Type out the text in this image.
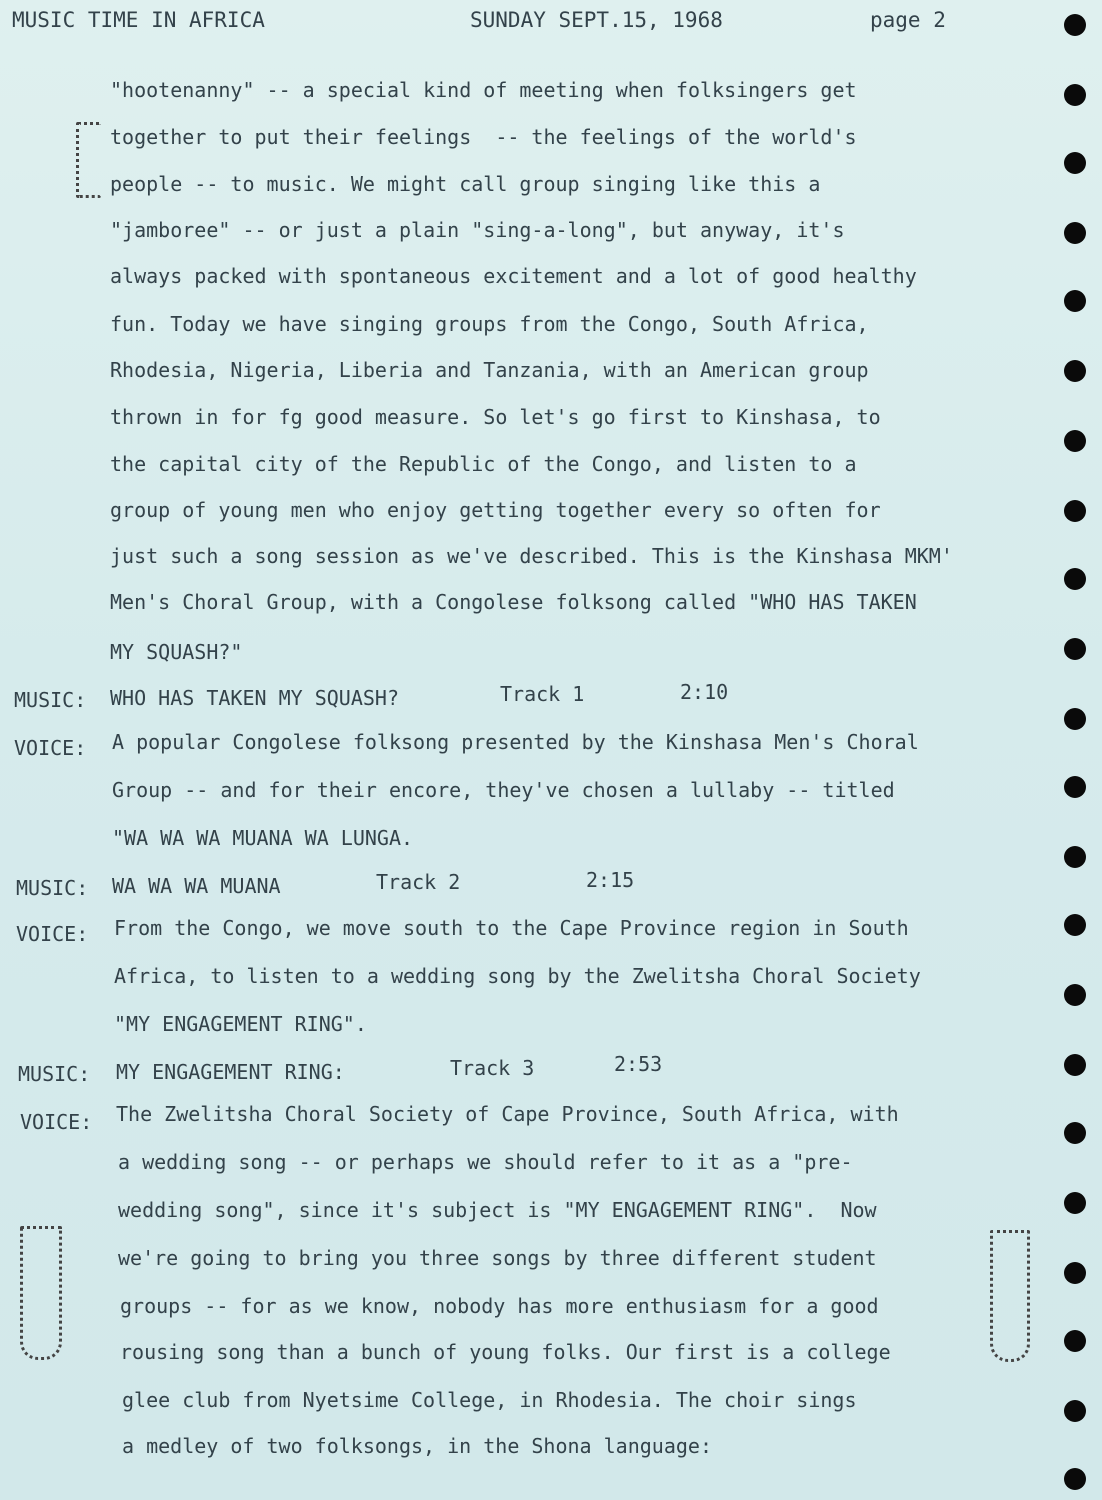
MUSIC TIME IN AFRICA	SUNDAY SEPT.15, 1968	page 2
"hootenanny" -- a special kind of meeting when folksingers get
together to put their feelings  -- the feelings of the world's
people -- to music. We might call group singing like this a
"jamboree" -- or just a plain "sing-a-long", but anyway, it's
always packed with spontaneous excitement and a lot of good healthy
fun. Today we have singing groups from the Congo, South Africa,
Rhodesia, Nigeria, Liberia and Tanzania, with an American group
thrown in for fg good measure. So let's go first to Kinshasa, to
the capital city of the Republic of the Congo, and listen to a
group of young men who enjoy getting together every so often for
just such a song session as we've described. This is the Kinshasa MKM'
Men's Choral Group, with a Congolese folksong called "WHO HAS TAKEN
MY SQUASH?"
MUSIC: WHO HAS TAKEN MY SQUASH?	Track 1	2:10
VOICE: A popular Congolese folksong presented by the Kinshasa Men's Choral
Group -- and for their encore, they've chosen a lullaby -- titled
"WA WA WA MUANA WA LUNGA.
MUSIC: WA WA WA MUANA	Track 2	2:15
VOICE: From the Congo, we move south to the Cape Province region in South
Africa, to listen to a wedding song by the Zwelitsha Choral Society
"MY ENGAGEMENT RING".
MUSIC: MY ENGAGEMENT RING:	Track 3	2:53
VOICE: The Zwelitsha Choral Society of Cape Province, South Africa, with
a wedding song -- or perhaps we should refer to it as a "pre-
wedding song", since it's subject is "MY ENGAGEMENT RING".  Now
we're going to bring you three songs by three different student
groups -- for as we know, nobody has more enthusiasm for a good
rousing song than a bunch of young folks. Our first is a college
glee club from Nyetsime College, in Rhodesia. The choir sings
a medley of two folksongs, in the Shona language:
